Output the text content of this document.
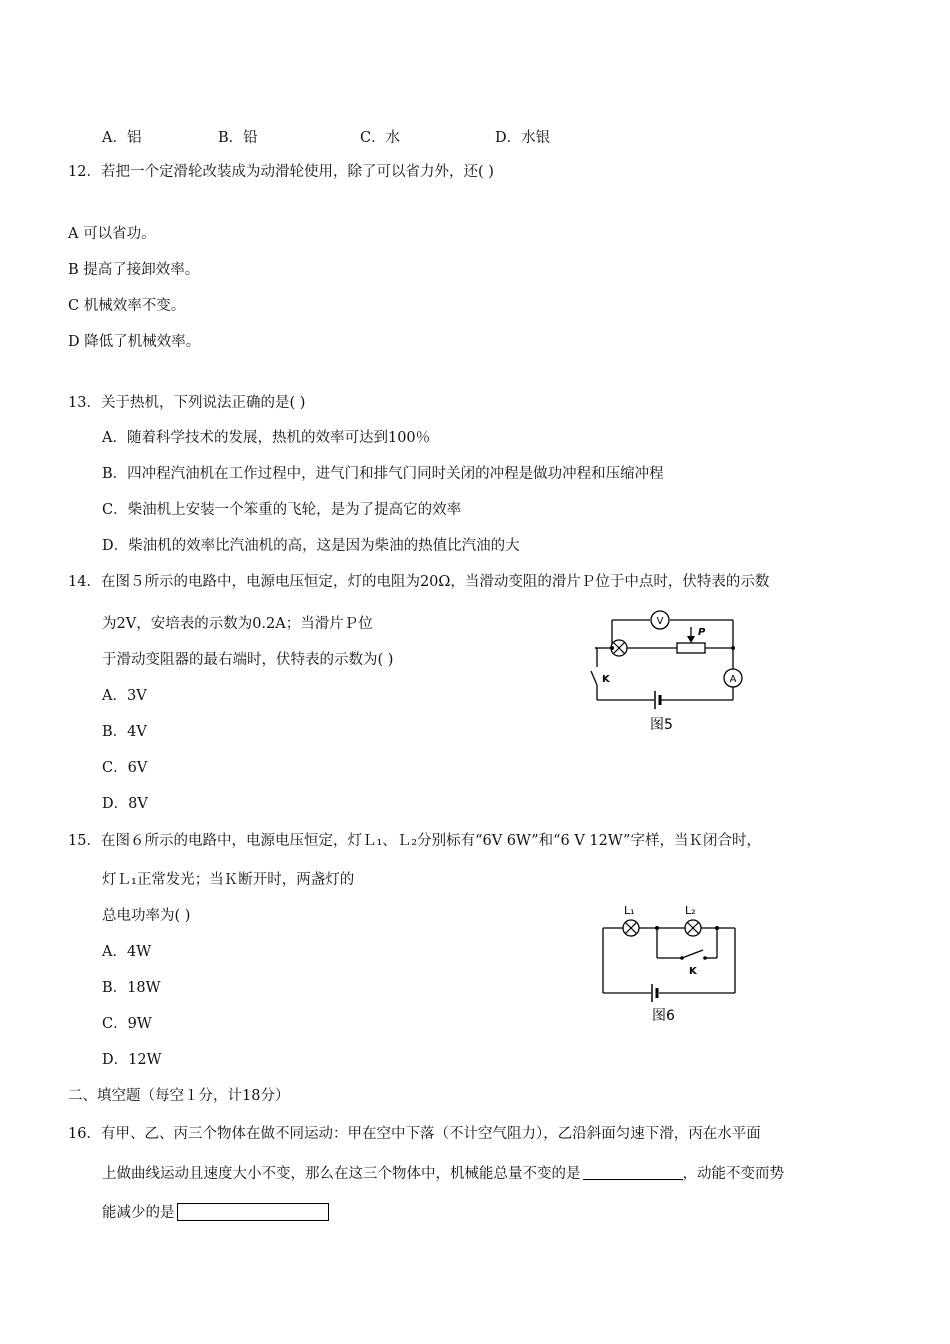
A．铝	B．铅	C．水	D．水银
12．若把一个定滑轮改装成为动滑轮使用，除了可以省力外，还( )
A 可以省功。
B 提高了接卸效率。
C 机械效率不变。
D 降低了机械效率。
13．关于热机，下列说法正确的是( )
A．随着科学技术的发展，热机的效率可达到100％
B．四冲程汽油机在工作过程中，进气门和排气门同时关闭的冲程是做功冲程和压缩冲程
C．柴油机上安装一个笨重的飞轮，是为了提高它的效率
D．柴油机的效率比汽油机的高，这是因为柴油的热值比汽油的大
14．在图５所示的电路中，电源电压恒定，灯的电阻为20Ω，当滑动变阻的滑片Ｐ位于中点时，伏特表的示数
为2V，安培表的示数为0.2A；当滑片Ｐ位
于滑动变阻器的最右端时，伏特表的示数为( )
A．3V
B．4V
C．6V
D．8V
V
A
P
K
图5
15．在图６所示的电路中，电源电压恒定，灯Ｌ₁、Ｌ₂分别标有“6V 6W”和“6 V 12W”字样，当Ｋ闭合时，
灯Ｌ₁正常发光；当Ｋ断开时，两盏灯的
总电功率为( )
A．4W
B．18W
C．9W
D．12W
L₁	L₂
K
图6
二、填空题（每空１分，计18分）
16．有甲、乙、丙三个物体在做不同运动：甲在空中下落（不计空气阻力），乙沿斜面匀速下滑，丙在水平面
上做曲线运动且速度大小不变，那么在这三个物体中，机械能总量不变的是	，动能不变而势
能减少的是
